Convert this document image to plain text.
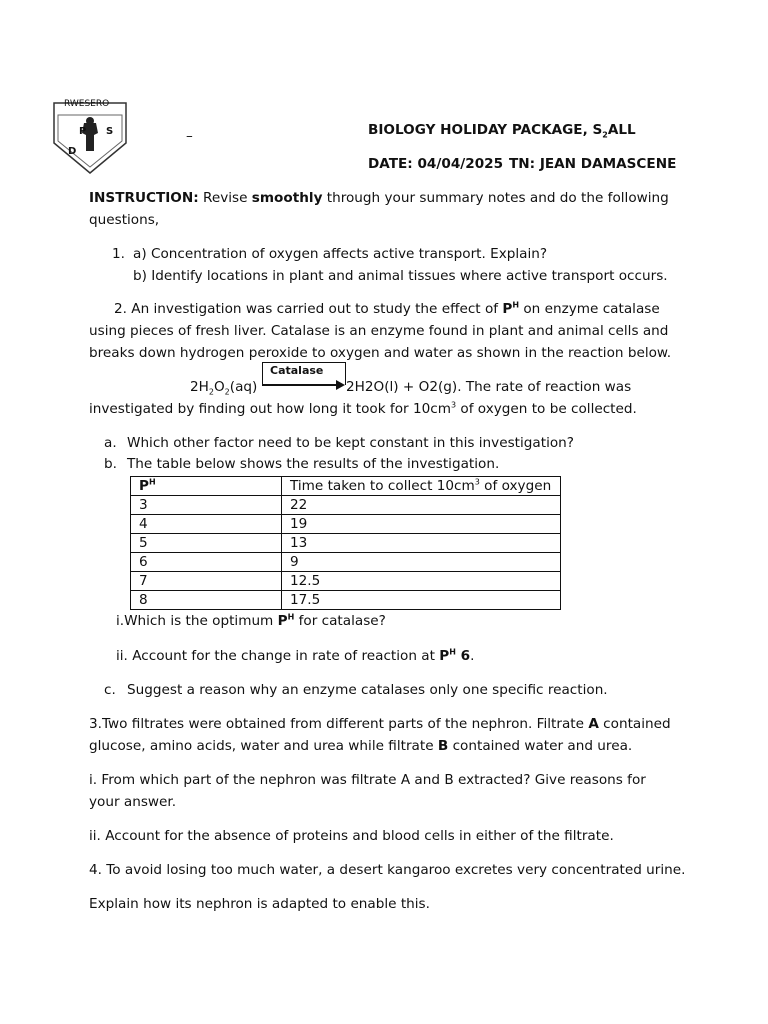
RWESERO
S
D
P	–	BIOLOGY HOLIDAY PACKAGE, $S_2ALL$
DATE: 04/04/2025 TN: JEAN DAMASCENE
INSTRUCTION: Revise smoothly through your summary notes and do the following
questions,
1. a) Concentration of oxygen affects active transport. Explain?
b) Identify locations in plant and animal tissues where active transport occurs.
2. An investigation was carried out to study the effect of $P^H$ on enzyme catalase
using pieces of fresh liver. Catalase is an enzyme found in plant and animal cells and
breaks down hydrogen peroxide to oxygen and water as shown in the reaction below.
$2H_2O_2(aq)$
Catalase
2H2O(l) + O2(g). The rate of reaction was
investigated by finding out how long it took for $10cm^3$ of oxygen to be collected.
a. Which other factor need to be kept constant in this investigation?
b. The table below shows the results of the investigation.
$P^H$	Time taken to collect $10cm^3$ of oxygen
3	22
4	19
5	13
6	9
7	12.5
8	17.5
i.Which is the optimum $P^H$ for catalase?
ii. Account for the change in rate of reaction at $P^H$ 6.
c. Suggest a reason why an enzyme catalases only one specific reaction.
3.Two filtrates were obtained from different parts of the nephron. Filtrate A contained
glucose, amino acids, water and urea while filtrate B contained water and urea.
i. From which part of the nephron was filtrate A and B extracted? Give reasons for
your answer.
ii. Account for the absence of proteins and blood cells in either of the filtrate.
4. To avoid losing too much water, a desert kangaroo excretes very concentrated urine.
Explain how its nephron is adapted to enable this.
